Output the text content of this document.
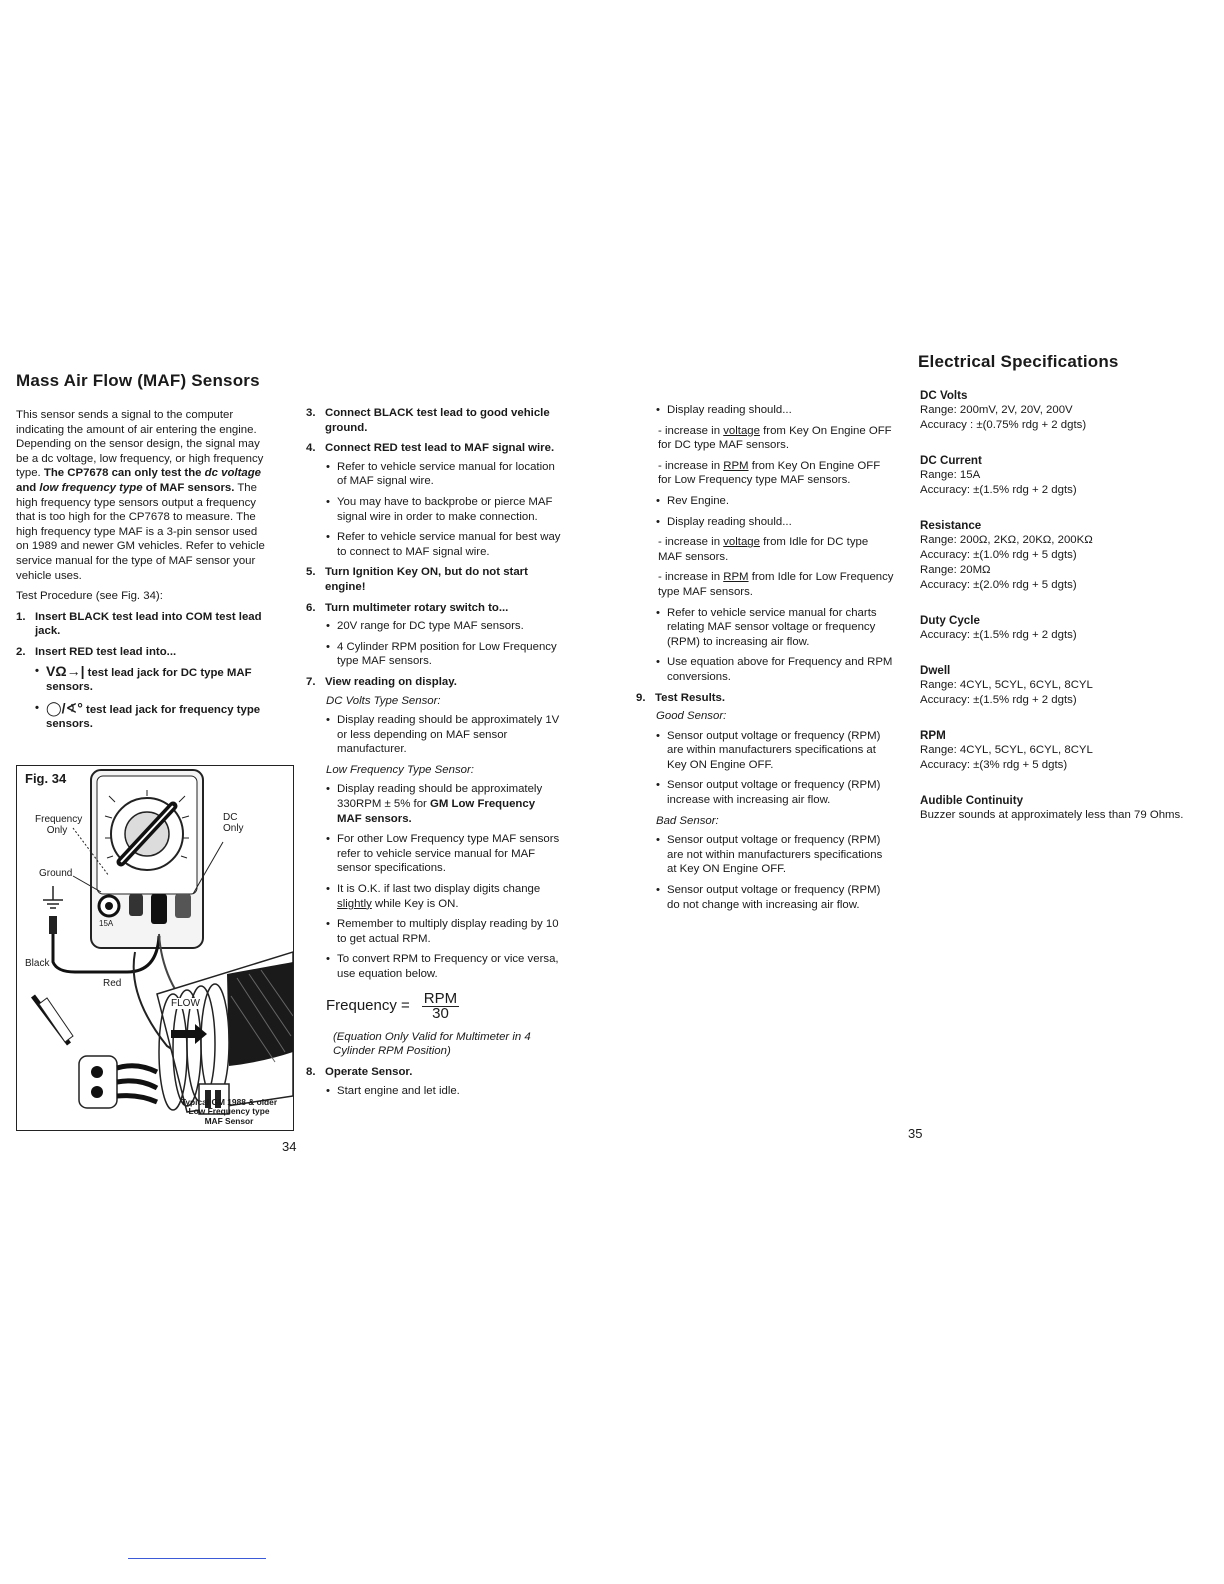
Mass Air Flow (MAF) Sensors

This sensor sends a signal to the computer indicating the amount of air entering the engine. Depending on the sensor design, the signal may be a dc voltage, low frequency, or high frequency type. The CP7678 can only test the dc voltage and low frequency type of MAF sensors. The high frequency type sensors output a frequency that is too high for the CP7678 to measure. The high frequency type MAF is a 3-pin sensor used on 1989 and newer GM vehicles. Refer to vehicle service manual for the type of MAF sensor your vehicle uses.

Test Procedure (see Fig. 34):

1. Insert BLACK test lead into COM test lead jack.
2. Insert RED test lead into...
• VΩ→| test lead jack for DC type MAF sensors.
• ◯/∢° test lead jack for frequency type sensors.
Fig. 34
Frequency Only
DC Only
Ground
Black
Red
FLOW
15A
Typical GM 1988 & older
Low Frequency type
MAF Sensor
34
3. Connect BLACK test lead to good vehicle ground.
4. Connect RED test lead to MAF signal wire.
• Refer to vehicle service manual for location of MAF signal wire.
• You may have to backprobe or pierce MAF signal wire in order to make connection.
• Refer to vehicle service manual for best way to connect to MAF signal wire.
5. Turn Ignition Key ON, but do not start engine!
6. Turn multimeter rotary switch to...
• 20V range for DC type MAF sensors.
• 4 Cylinder RPM position for Low Frequency type MAF sensors.
7. View reading on display.
DC Volts Type Sensor:
• Display reading should be approximately 1V or less depending on MAF sensor manufacturer.
Low Frequency Type Sensor:
• Display reading should be approximately 330RPM ± 5% for GM Low Frequency MAF sensors.
• For other Low Frequency type MAF sensors refer to vehicle service manual for MAF sensor specifications.
• It is O.K. if last two display digits change slightly while Key is ON.
• Remember to multiply display reading by 10 to get actual RPM.
• To convert RPM to Frequency or vice versa, use equation below.
Frequency = $\frac{\text{RPM}}{30}$
(Equation Only Valid for Multimeter in 4 Cylinder RPM Position)
8. Operate Sensor.
• Start engine and let idle.
• Display reading should...
- increase in voltage from Key On Engine OFF for DC type MAF sensors.
- increase in RPM from Key On Engine OFF for Low Frequency type MAF sensors.
• Rev Engine.
• Display reading should...
- increase in voltage from Idle for DC type MAF sensors.
- increase in RPM from Idle for Low Frequency type MAF sensors.
• Refer to vehicle service manual for charts relating MAF sensor voltage or frequency (RPM) to increasing air flow.
• Use equation above for Frequency and RPM conversions.
9. Test Results.
Good Sensor:
• Sensor output voltage or frequency (RPM) are within manufacturers specifications at Key ON Engine OFF.
• Sensor output voltage or frequency (RPM) increase with increasing air flow.
Bad Sensor:
• Sensor output voltage or frequency (RPM) are not within manufacturers specifications at Key ON Engine OFF.
• Sensor output voltage or frequency (RPM) do not change with increasing air flow.
Electrical Specifications
DC Volts
Range: 200mV, 2V, 20V, 200V
Accuracy : ±(0.75% rdg + 2 dgts)
DC Current
Range: 15A
Accuracy: ±(1.5% rdg + 2 dgts)
Resistance
Range: 200Ω, 2KΩ, 20KΩ, 200KΩ
Accuracy: ±(1.0% rdg + 5 dgts)
Range: 20MΩ
Accuracy: ±(2.0% rdg + 5 dgts)
Duty Cycle
Accuracy: ±(1.5% rdg + 2 dgts)
Dwell
Range: 4CYL, 5CYL, 6CYL, 8CYL
Accuracy: ±(1.5% rdg + 2 dgts)
RPM
Range: 4CYL, 5CYL, 6CYL, 8CYL
Accuracy: ±(3% rdg + 5 dgts)
Audible Continuity
Buzzer sounds at approximately less than 79 Ohms.
35
